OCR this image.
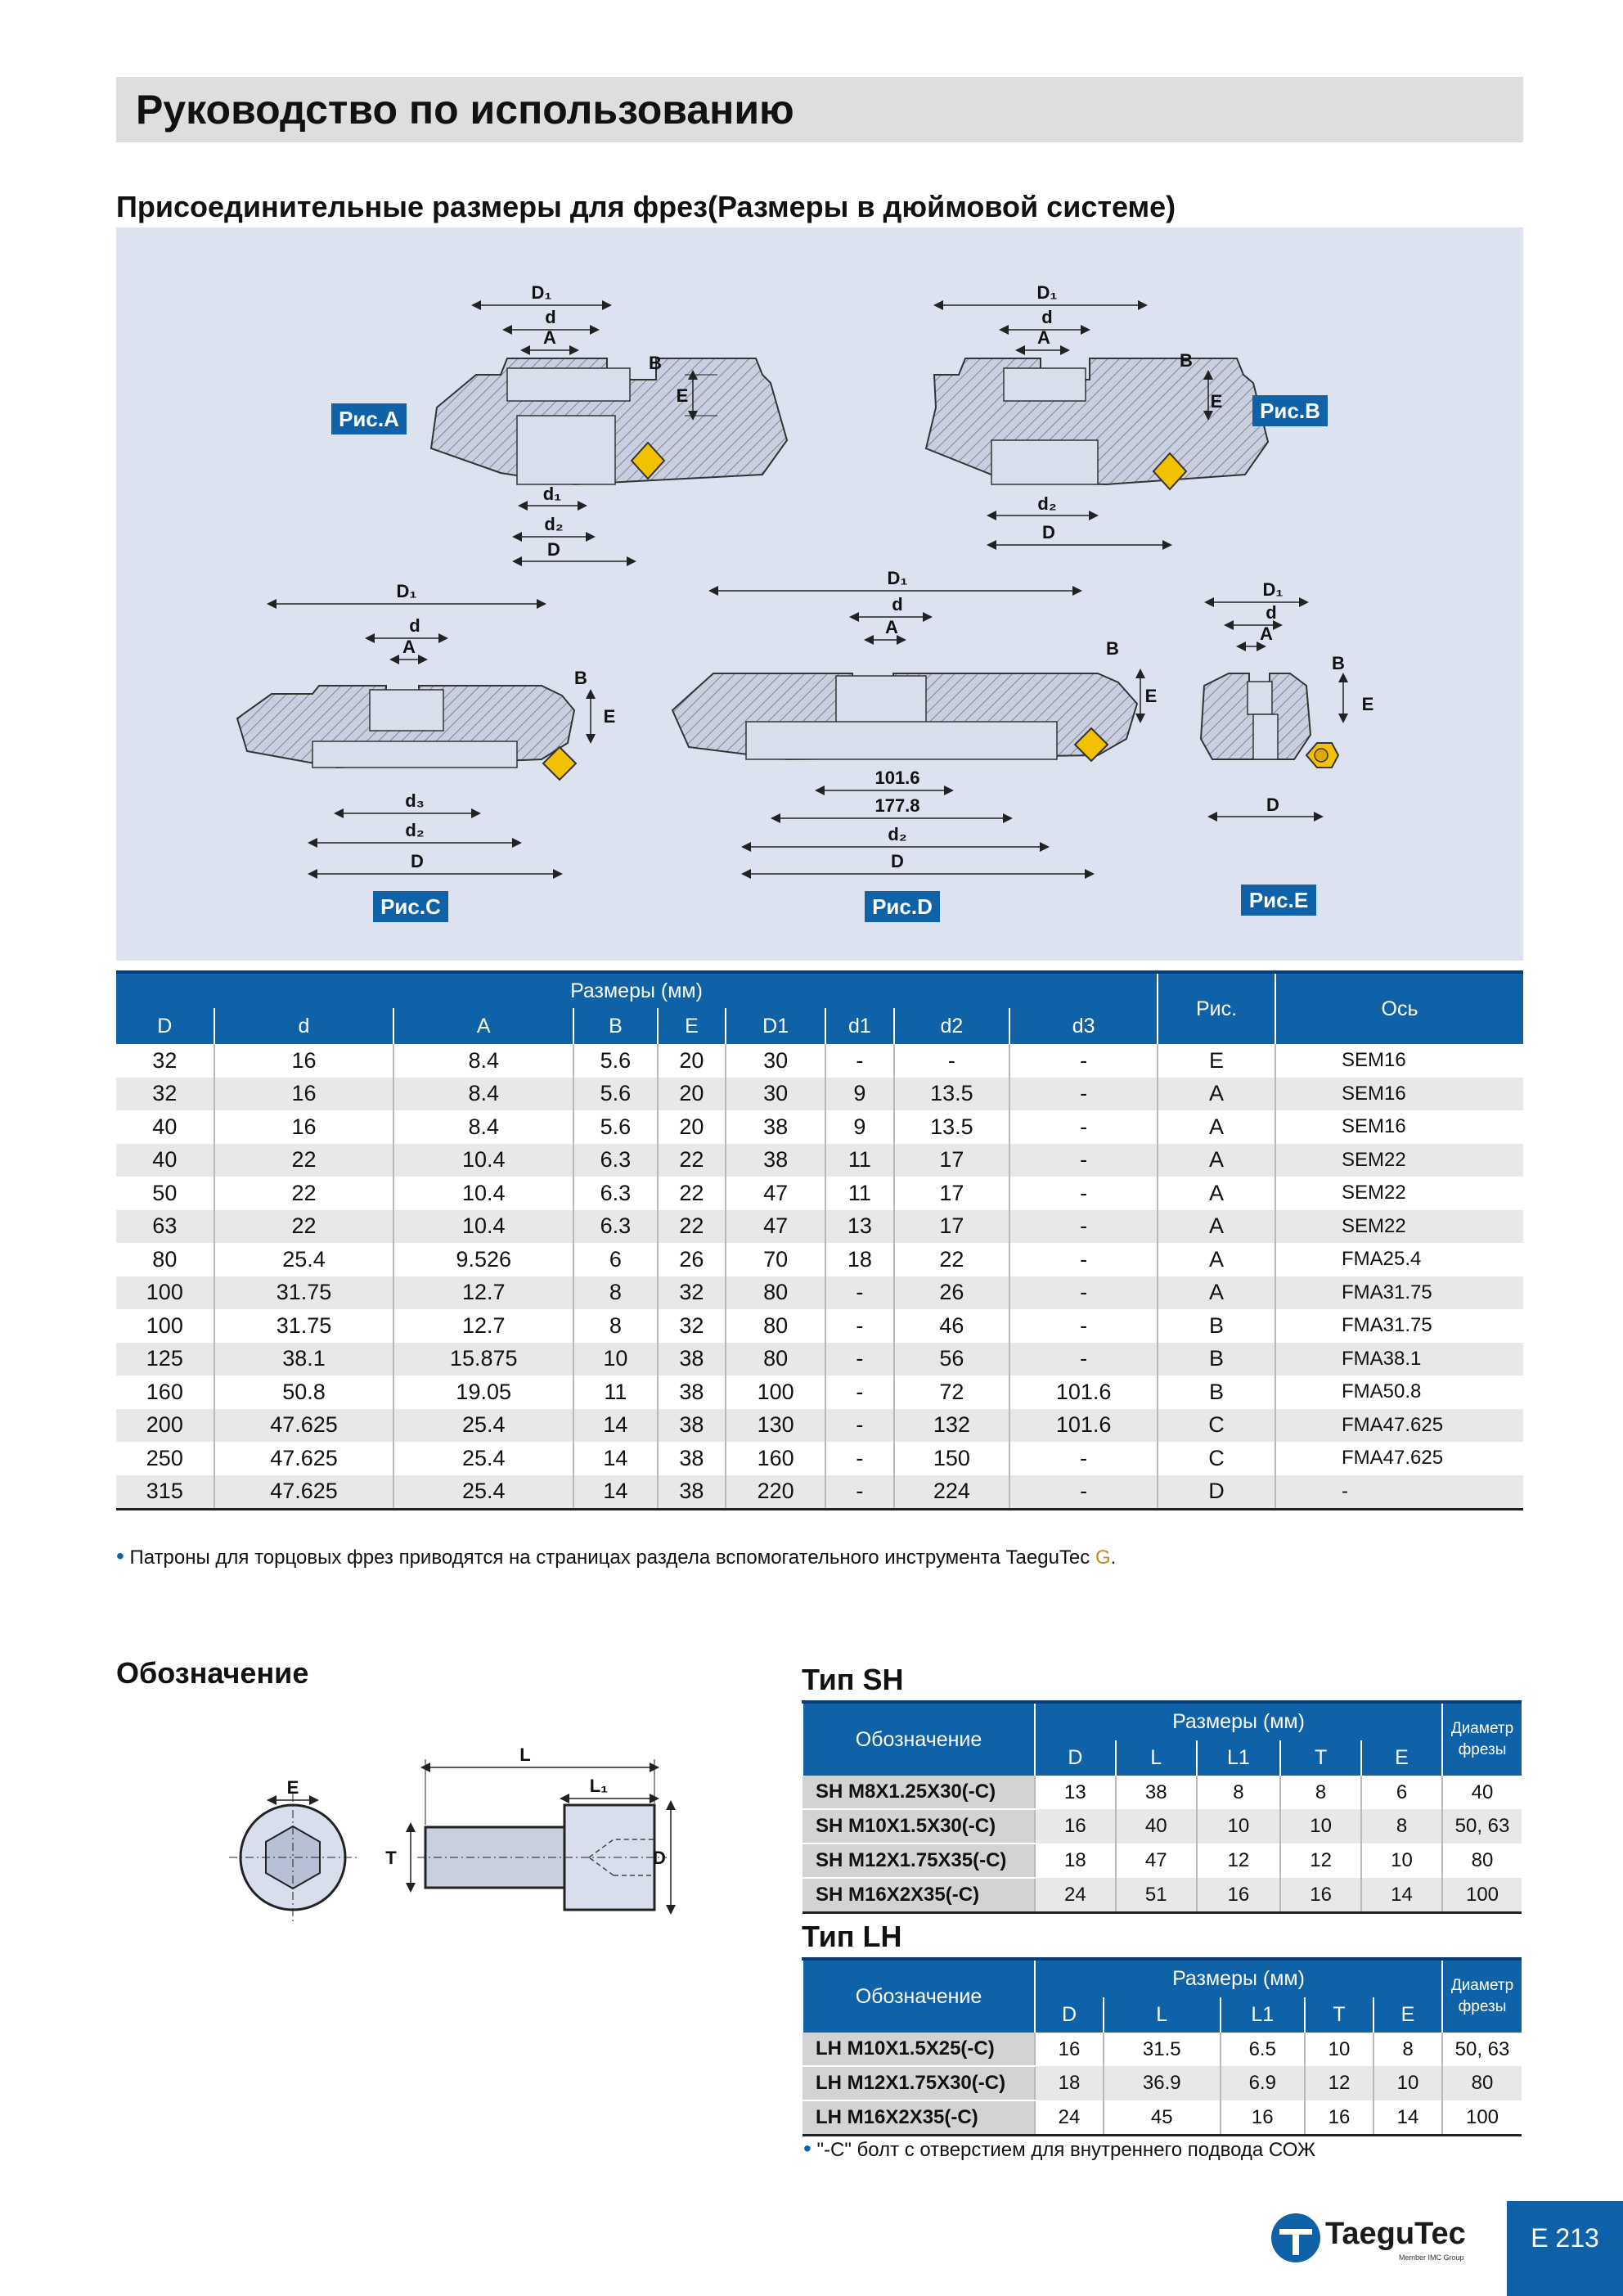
Руководство по использованию
Присоединительные размеры для фрез(Размеры в дюймовой системе)
Рис.A
D₁
d
A
B
E
d₁
d₂
D
Рис.B
D₁
d
A
B
E
d₂
D
Рис.C
D₁
d
A
B
E
d₃
d₂
D
Рис.D
D₁
d
A
B
E
101.6
177.8
d₂
D
Рис.E
D₁
d
A
B
E
D
Размеры (мм)									Рис.	Ось
D	d	A	B	E	D1	d1	d2	d3		
32	16	8.4	5.6	20	30	-	-	-	E	SEM16
32	16	8.4	5.6	20	30	9	13.5	-	A	SEM16
40	16	8.4	5.6	20	38	9	13.5	-	A	SEM16
40	22	10.4	6.3	22	38	11	17	-	A	SEM22
50	22	10.4	6.3	22	47	11	17	-	A	SEM22
63	22	10.4	6.3	22	47	13	17	-	A	SEM22
80	25.4	9.526	6	26	70	18	22	-	A	FMA25.4
100	31.75	12.7	8	32	80	-	26	-	A	FMA31.75
100	31.75	12.7	8	32	80	-	46	-	B	FMA31.75
125	38.1	15.875	10	38	80	-	56	-	B	FMA38.1
160	50.8	19.05	11	38	100	-	72	101.6	B	FMA50.8
200	47.625	25.4	14	38	130	-	132	101.6	C	FMA47.625
250	47.625	25.4	14	38	160	-	150	-	C	FMA47.625
315	47.625	25.4	14	38	220	-	224	-	D	-
• Патроны для торцовых фрез приводятся на страницах раздела вспомогательного инструмента TaeguTec G.
Обозначение
E
L
L₁
T	D
Тип SH
Обозначение	Размеры (мм)					Диаметр
фрезы
	D	L	L1	T	E	
SH M8X1.25X30(-C)	13	38	8	8	6	40
SH M10X1.5X30(-C)	16	40	10	10	8	50, 63
SH M12X1.75X35(-C)	18	47	12	12	10	80
SH M16X2X35(-C)	24	51	16	16	14	100
Тип LH
Обозначение	Размеры (мм)					Диаметр
фрезы
	D	L	L1	T	E	
LH M10X1.5X25(-C)	16	31.5	6.5	10	8	50, 63
LH M12X1.75X30(-C)	18	36.9	6.9	12	10	80
LH M16X2X35(-C)	24	45	16	16	14	100
• "-C" болт с отверстием для внутреннего подвода СОЖ
TaeguTec
Member IMC Group
E 213
